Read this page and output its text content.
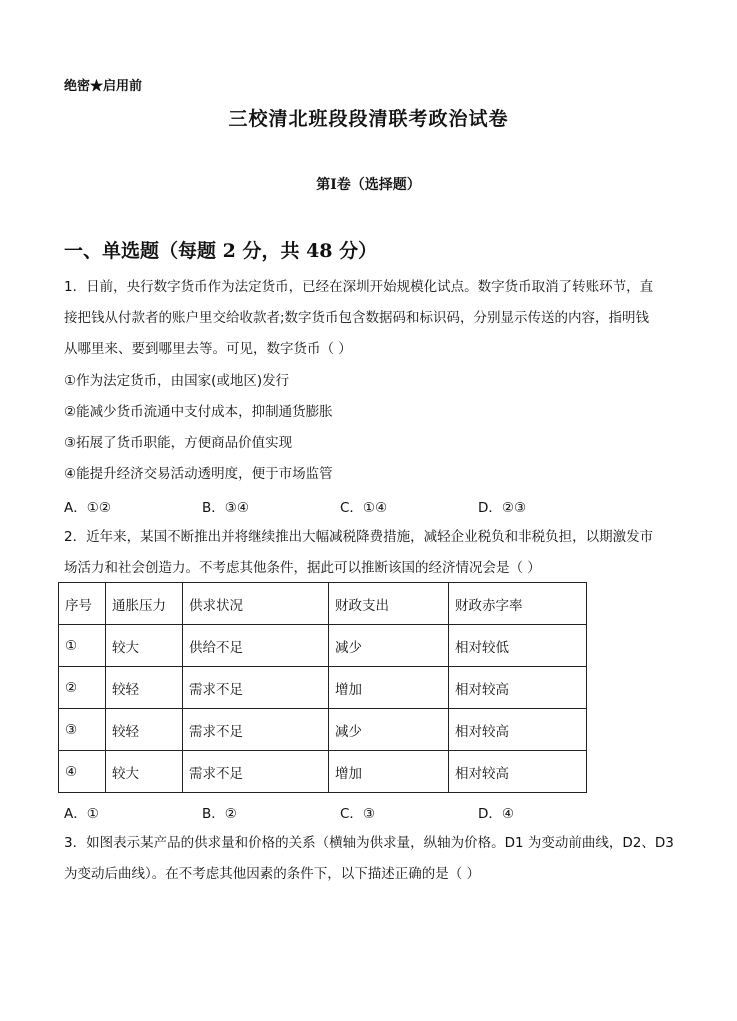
绝密★启用前
三校清北班段段清联考政治试卷
第I卷（选择题）
一、单选题（每题 2 分，共 48 分）
1．日前，央行数字货币作为法定货币，已经在深圳开始规模化试点。数字货币取消了转账环节，直
接把钱从付款者的账户里交给收款者;数字货币包含数据码和标识码，分别显示传送的内容，指明钱
从哪里来、要到哪里去等。可见，数字货币（ ）
①作为法定货币，由国家(或地区)发行
②能减少货币流通中支付成本，抑制通货膨胀
③拓展了货币职能，方便商品价值实现
④能提升经济交易活动透明度，便于市场监管
A．①②	B．③④	C．①④	D．②③
2．近年来，某国不断推出并将继续推出大幅减税降费措施，减轻企业税负和非税负担，以期激发市
场活力和社会创造力。不考虑其他条件，据此可以推断该国的经济情况会是（ ）
序号	通胀压力	供求状况	财政支出	财政赤字率
①	较大	供给不足	减少	相对较低
②	较轻	需求不足	增加	相对较高
③	较轻	需求不足	减少	相对较高
④	较大	需求不足	增加	相对较高
A．①	B．②	C．③	D．④
3．如图表示某产品的供求量和价格的关系（横轴为供求量，纵轴为价格。D1 为变动前曲线，D2、D3
为变动后曲线）。在不考虑其他因素的条件下，以下描述正确的是（ ）
